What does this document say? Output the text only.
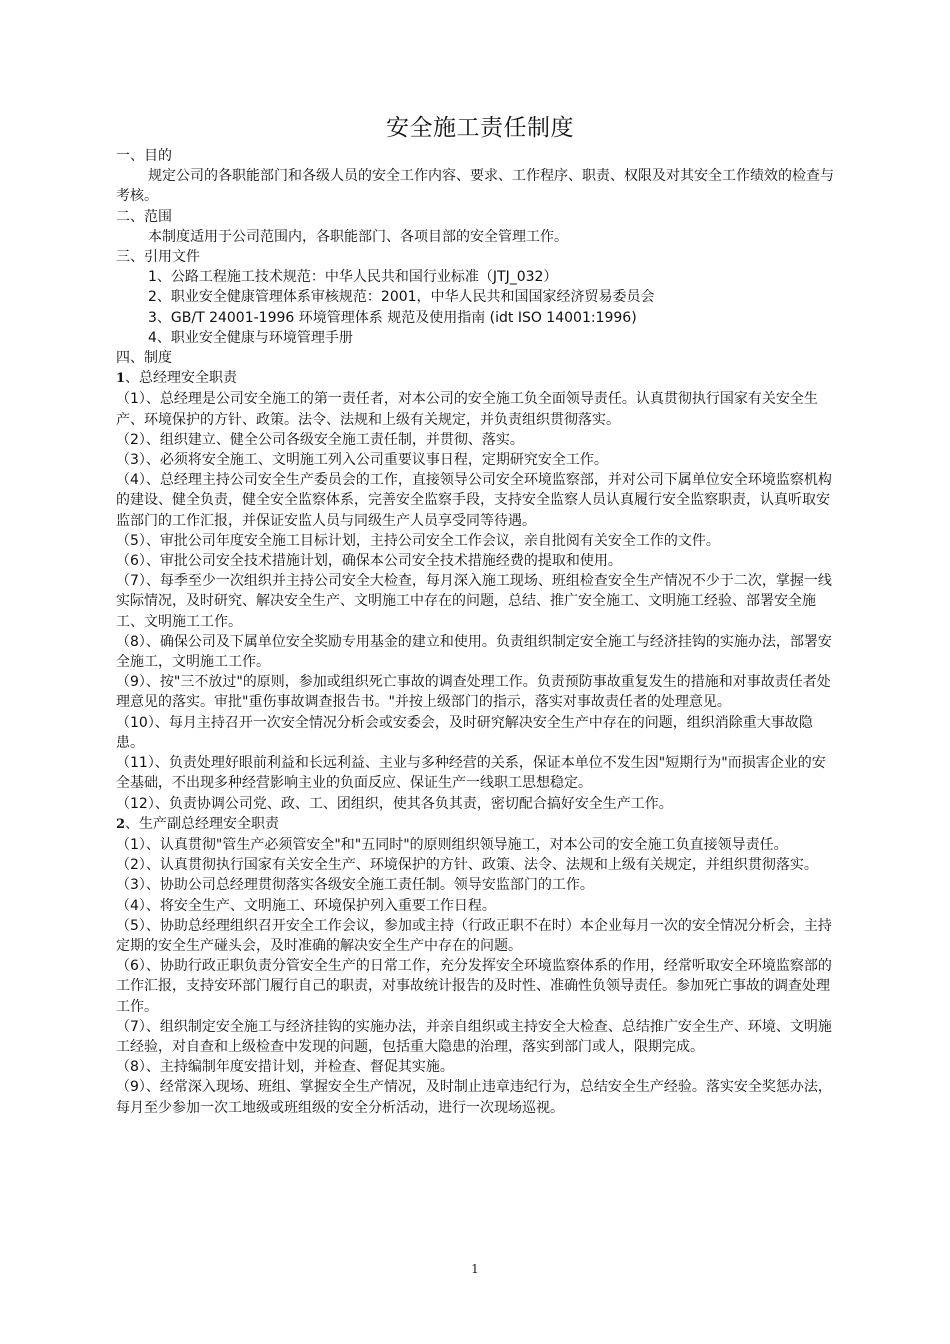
安全施工责任制度

一、目的

规定公司的各职能部门和各级人员的安全工作内容、要求、工作程序、职责、权限及对其安全工作绩效的检查与考核。

二、范围

本制度适用于公司范围内，各职能部门、各项目部的安全管理工作。

三、引用文件

1、公路工程施工技术规范：中华人民共和国行业标准（JTJ_032）

2、职业安全健康管理体系审核规范：2001，中华人民共和国国家经济贸易委员会

3、GB/T 24001-1996 环境管理体系 规范及使用指南 (idt ISO 14001:1996)

4、职业安全健康与环境管理手册

四、制度

1、总经理安全职责

（1）、总经理是公司安全施工的第一责任者，对本公司的安全施工负全面领导责任。认真贯彻执行国家有关安全生产、环境保护的方针、政策。法令、法规和上级有关规定，并负责组织贯彻落实。

（2）、组织建立、健全公司各级安全施工责任制，并贯彻、落实。

（3）、必须将安全施工、文明施工列入公司重要议事日程，定期研究安全工作。

（4）、总经理主持公司安全生产委员会的工作，直接领导公司安全环境监察部，并对公司下属单位安全环境监察机构的建设、健全负责，健全安全监察体系，完善安全监察手段，支持安全监察人员认真履行安全监察职责，认真听取安监部门的工作汇报，并保证安监人员与同级生产人员享受同等待遇。

（5）、审批公司年度安全施工目标计划，主持公司安全工作会议，亲自批阅有关安全工作的文件。

（6）、审批公司安全技术措施计划，确保本公司安全技术措施经费的提取和使用。

（7）、每季至少一次组织并主持公司安全大检查，每月深入施工现场、班组检查安全生产情况不少于二次，掌握一线实际情况，及时研究、解决安全生产、文明施工中存在的问题，总结、推广安全施工、文明施工经验、部署安全施工、文明施工工作。

（8）、确保公司及下属单位安全奖励专用基金的建立和使用。负责组织制定安全施工与经济挂钩的实施办法，部署安全施工，文明施工工作。

（9）、按"三不放过"的原则，参加或组织死亡事故的调查处理工作。负责预防事故重复发生的措施和对事故责任者处理意见的落实。审批"重伤事故调查报告书。"并按上级部门的指示，落实对事故责任者的处理意见。

（10）、每月主持召开一次安全情况分析会或安委会，及时研究解决安全生产中存在的问题，组织消除重大事故隐患。

（11）、负责处理好眼前利益和长远利益、主业与多种经营的关系，保证本单位不发生因"短期行为"而损害企业的安全基础，不出现多种经营影响主业的负面反应、保证生产一线职工思想稳定。

（12）、负责协调公司党、政、工、团组织，使其各负其责，密切配合搞好安全生产工作。

2、生产副总经理安全职责

（1）、认真贯彻"管生产必须管安全"和"五同时"的原则组织领导施工，对本公司的安全施工负直接领导责任。

（2）、认真贯彻执行国家有关安全生产、环境保护的方针、政策、法令、法规和上级有关规定，并组织贯彻落实。

（3）、协助公司总经理贯彻落实各级安全施工责任制。领导安监部门的工作。

（4）、将安全生产、文明施工、环境保护列入重要工作日程。

（5）、协助总经理组织召开安全工作会议，参加或主持（行政正职不在时）本企业每月一次的安全情况分析会，主持定期的安全生产碰头会，及时准确的解决安全生产中存在的问题。

（6）、协助行政正职负责分管安全生产的日常工作，充分发挥安全环境监察体系的作用，经常听取安全环境监察部的工作汇报，支持安环部门履行自己的职责，对事故统计报告的及时性、准确性负领导责任。参加死亡事故的调查处理工作。

（7）、组织制定安全施工与经济挂钩的实施办法，并亲自组织或主持安全大检查、总结推广安全生产、环境、文明施工经验，对自查和上级检查中发现的问题，包括重大隐患的治理，落实到部门或人，限期完成。

（8）、主持编制年度安措计划，并检查、督促其实施。

（9）、经常深入现场、班组、掌握安全生产情况，及时制止违章违纪行为，总结安全生产经验。落实安全奖惩办法，每月至少参加一次工地级或班组级的安全分析活动，进行一次现场巡视。

1
